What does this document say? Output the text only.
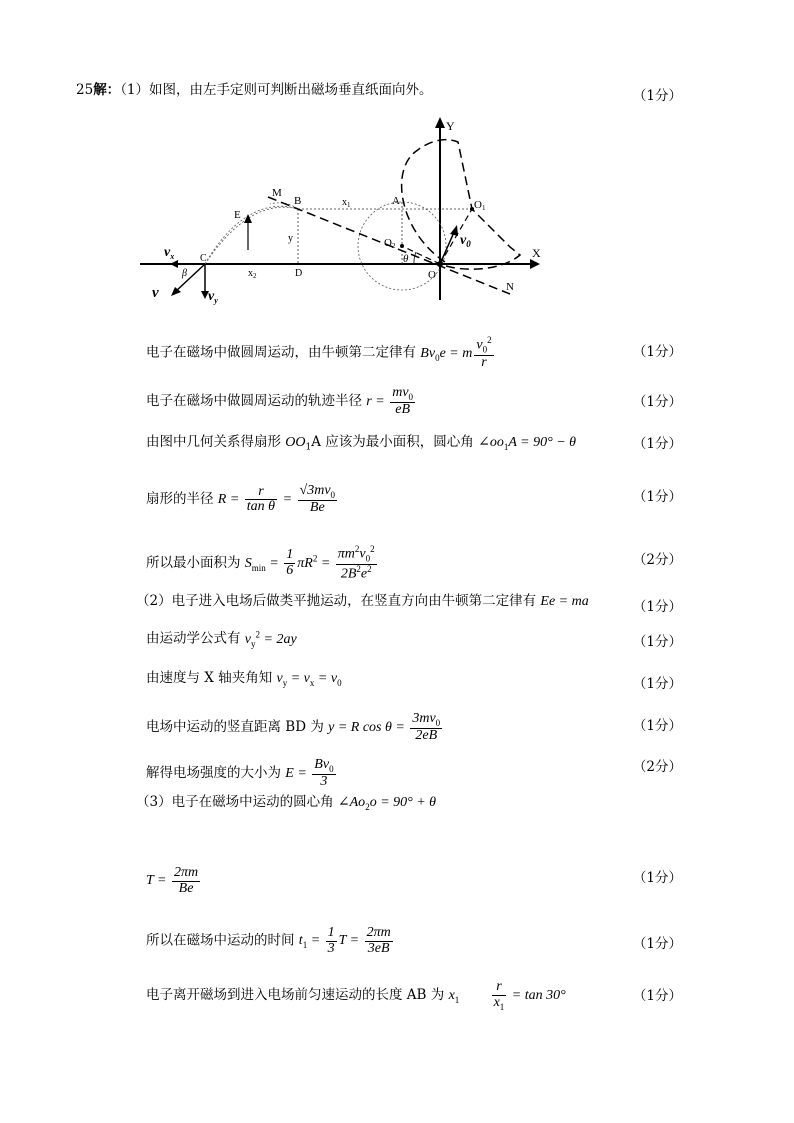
25解：（1）如图，由左手定则可判断出磁场垂直纸面向外。	（1分）
Y
X
M
B	A	O1
O2
O
N
E
C
D
$x_1$
$x_2$
y
θ
β
$v_0$
$v_x$
$v_y$
v
电子在磁场中做圆周运动，由牛顿第二定律有 $Bv_0e = m \frac{v_0^2}{r}$	（1分）
电子在磁场中做圆周运动的轨迹半径 $r = \frac{mv_0}{eB}$	（1分）
由图中几何关系得扇形 $OO_1A$ 应该为最小面积，圆心角 $\angle oo_1A = 90^\circ - \theta$	（1分）
扇形的半径 $R = \frac{r}{\text{tan θ}} = \frac{√3mv_0}{Be}$	（1分）
所以最小面积为 $S_{min} = \frac{1}{6} \pi R^2 = \frac{\pi m^2v_0^2}{2B^2e^2}$	（2分）
（2）电子进入电场后做类平抛运动，在竖直方向由牛顿第二定律有 Ee = ma	（1分）
由运动学公式有 $v_y^2 = 2ay$	（1分）
由速度与 X 轴夹角知 $v_y = v_x = v_0$	（1分）
电场中运动的竖直距离 BD 为 y = R $\cos \theta = \frac{3mv_0}{2eB}$	（1分）
解得电场强度的大小为 $E = \frac{Bv_0}{3}$	（2分）
（3）电子在磁场中运动的圆心角 $\angle Ao_2o = 90^\circ + \theta$
$T = \frac{2\pi m}{Be}$	（1分）
所以在磁场中运动的时间 $t_1 = \frac{1}{3}$ $T = \frac{2\pi m}{3eB}$	（1分）
电子离开磁场到进入电场前匀速运动的长度 AB 为 $x_1 \frac{r}{x_1} = \tan 30^\circ$	（1分）
